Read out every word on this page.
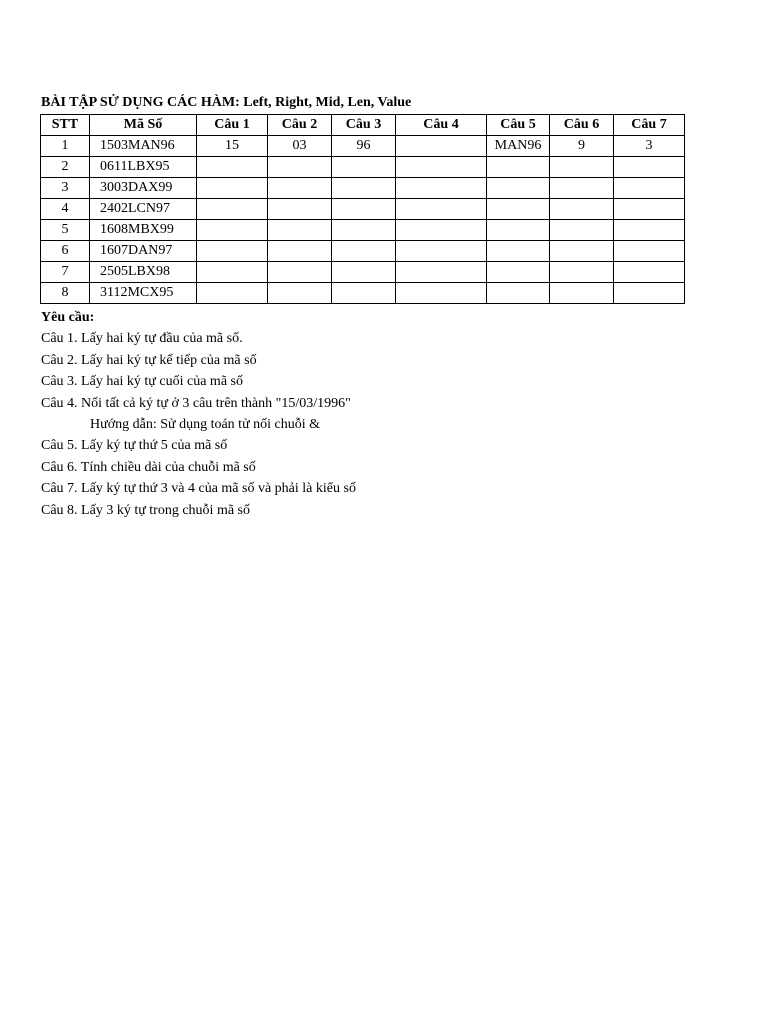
BÀI TẬP SỬ DỤNG CÁC HÀM: Left, Right, Mid, Len, Value
STT	Mã Số	Câu 1	Câu 2	Câu 3	Câu 4	Câu 5	Câu 6	Câu 7
1	1503MAN96	15	03	96		MAN96	9	3
2	0611LBX95							
3	3003DAX99							
4	2402LCN97							
5	1608MBX99							
6	1607DAN97							
7	2505LBX98							
8	3112MCX95							
Yêu cầu:
Câu 1. Lấy hai ký tự đầu của mã số.
Câu 2. Lấy hai ký tự kế tiếp của mã số
Câu 3. Lấy hai ký tự cuối của mã số
Câu 4. Nối tất cả ký tự ở 3 câu trên thành "15/03/1996"
Hướng dẫn: Sử dụng toán tử nối chuỗi &
Câu 5. Lấy ký tự thứ 5 của mã số
Câu 6. Tính chiều dài của chuỗi mã số
Câu 7. Lấy ký tự thứ 3 và 4 của mã số và phải là kiểu số
Câu 8. Lấy 3 ký tự trong chuỗi mã số
